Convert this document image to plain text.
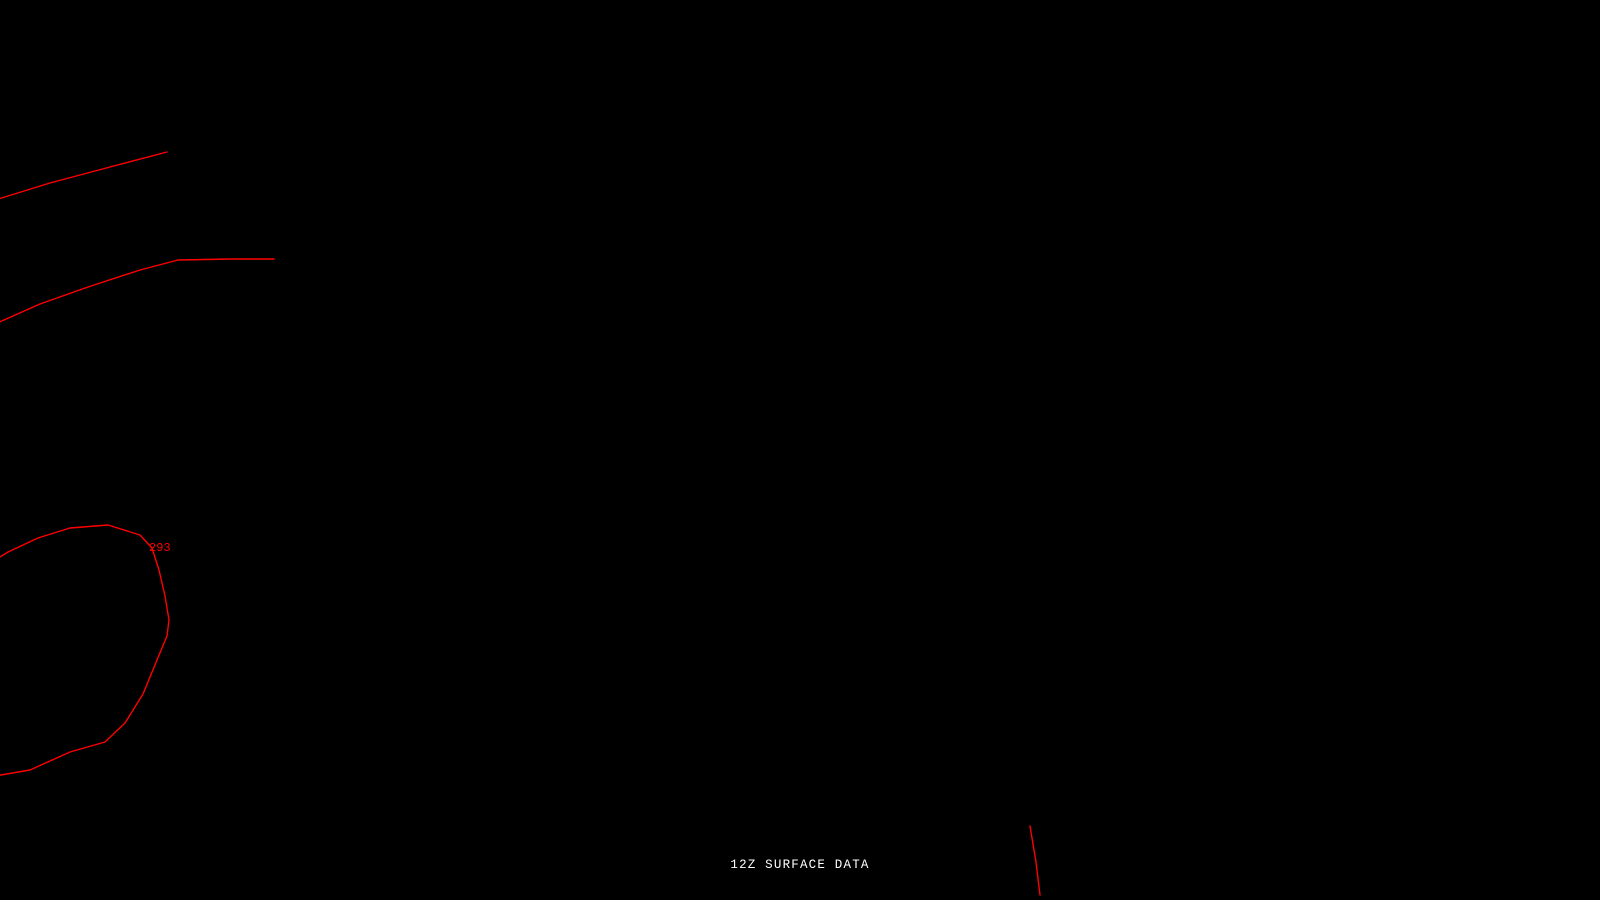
293
12Z SURFACE DATA
